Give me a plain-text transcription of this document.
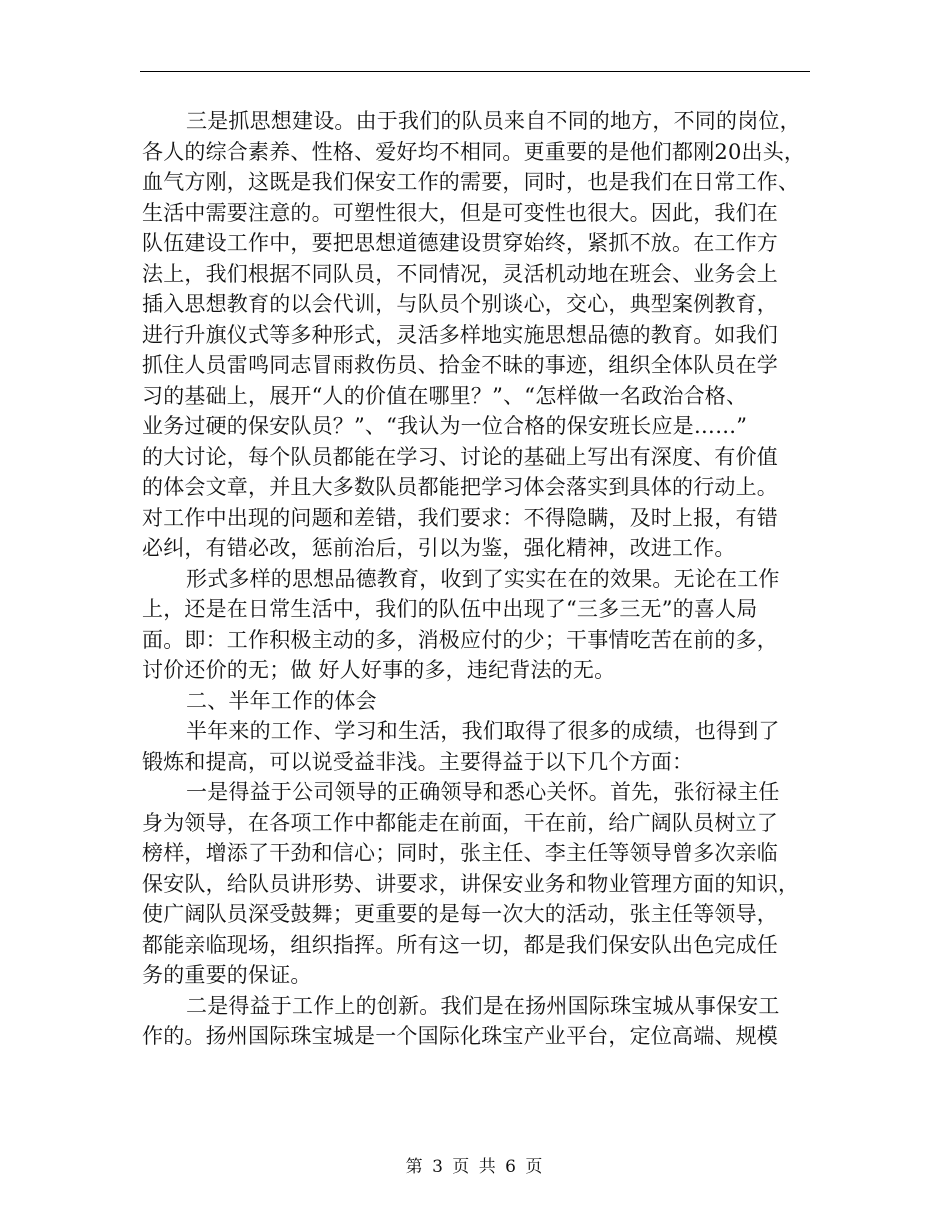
三是抓思想建设。由于我们的队员来自不同的地方，不同的岗位，
各人的综合素养、性格、爱好均不相同。更重要的是他们都刚20出头，
血气方刚，这既是我们保安工作的需要，同时，也是我们在日常工作、
生活中需要注意的。可塑性很大，但是可变性也很大。因此，我们在
队伍建设工作中，要把思想道德建设贯穿始终，紧抓不放。在工作方
法上，我们根据不同队员，不同情况，灵活机动地在班会、业务会上
插入思想教育的以会代训，与队员个别谈心，交心，典型案例教育，
进行升旗仪式等多种形式，灵活多样地实施思想品德的教育。如我们
抓住人员雷鸣同志冒雨救伤员、拾金不昧的事迹，组织全体队员在学
习的基础上，展开“人的价值在哪里？”、“怎样做一名政治合格、
业务过硬的保安队员？”、“我认为一位合格的保安班长应是……”
的大讨论，每个队员都能在学习、讨论的基础上写出有深度、有价值
的体会文章，并且大多数队员都能把学习体会落实到具体的行动上。
对工作中出现的问题和差错，我们要求：不得隐瞒，及时上报，有错
必纠，有错必改，惩前治后，引以为鉴，强化精神，改进工作。
形式多样的思想品德教育，收到了实实在在的效果。无论在工作
上，还是在日常生活中，我们的队伍中出现了“三多三无”的喜人局
面。即：工作积极主动的多，消极应付的少；干事情吃苦在前的多，
讨价还价的无；做 好人好事的多，违纪背法的无。
二、半年工作的体会
半年来的工作、学习和生活，我们取得了很多的成绩，也得到了
锻炼和提高，可以说受益非浅。主要得益于以下几个方面：
一是得益于公司领导的正确领导和悉心关怀。首先，张衍禄主任
身为领导，在各项工作中都能走在前面，干在前，给广阔队员树立了
榜样，增添了干劲和信心；同时，张主任、李主任等领导曾多次亲临
保安队，给队员讲形势、讲要求，讲保安业务和物业管理方面的知识，
使广阔队员深受鼓舞；更重要的是每一次大的活动，张主任等领导，
都能亲临现场，组织指挥。所有这一切，都是我们保安队出色完成任
务的重要的保证。
二是得益于工作上的创新。我们是在扬州国际珠宝城从事保安工
作的。扬州国际珠宝城是一个国际化珠宝产业平台，定位高端、规模
第 3 页 共 6 页
